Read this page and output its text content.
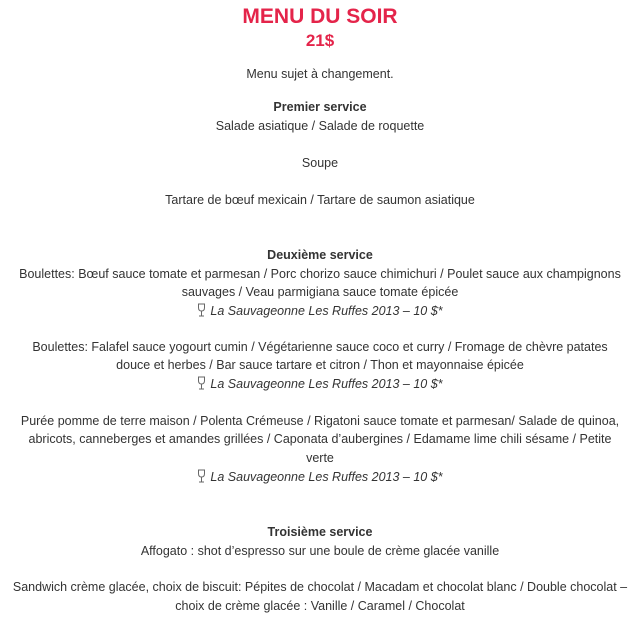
MENU DU SOIR
21$
Menu sujet à changement.
Premier service
Salade asiatique / Salade de roquette
Soupe
Tartare de bœuf mexicain / Tartare de saumon asiatique
Deuxième service
Boulettes: Bœuf sauce tomate et parmesan / Porc chorizo sauce chimichuri / Poulet sauce aux champignons
sauvages / Veau parmigiana sauce tomate épicée
La Sauvageonne Les Ruffes 2013 – 10 $*
Boulettes: Falafel sauce yogourt cumin / Végétarienne sauce coco et curry / Fromage de chèvre patates
douce et herbes / Bar sauce tartare et citron / Thon et mayonnaise épicée
La Sauvageonne Les Ruffes 2013 – 10 $*
Purée pomme de terre maison / Polenta Crémeuse / Rigatoni sauce tomate et parmesan/ Salade de quinoa,
abricots, canneberges et amandes grillées / Caponata d’aubergines / Edamame lime chili sésame / Petite
verte
La Sauvageonne Les Ruffes 2013 – 10 $*
Troisième service
Affogato : shot d’espresso sur une boule de crème glacée vanille
Sandwich crème glacée, choix de biscuit: Pépites de chocolat / Macadam et chocolat blanc / Double chocolat –
choix de crème glacée : Vanille / Caramel / Chocolat
